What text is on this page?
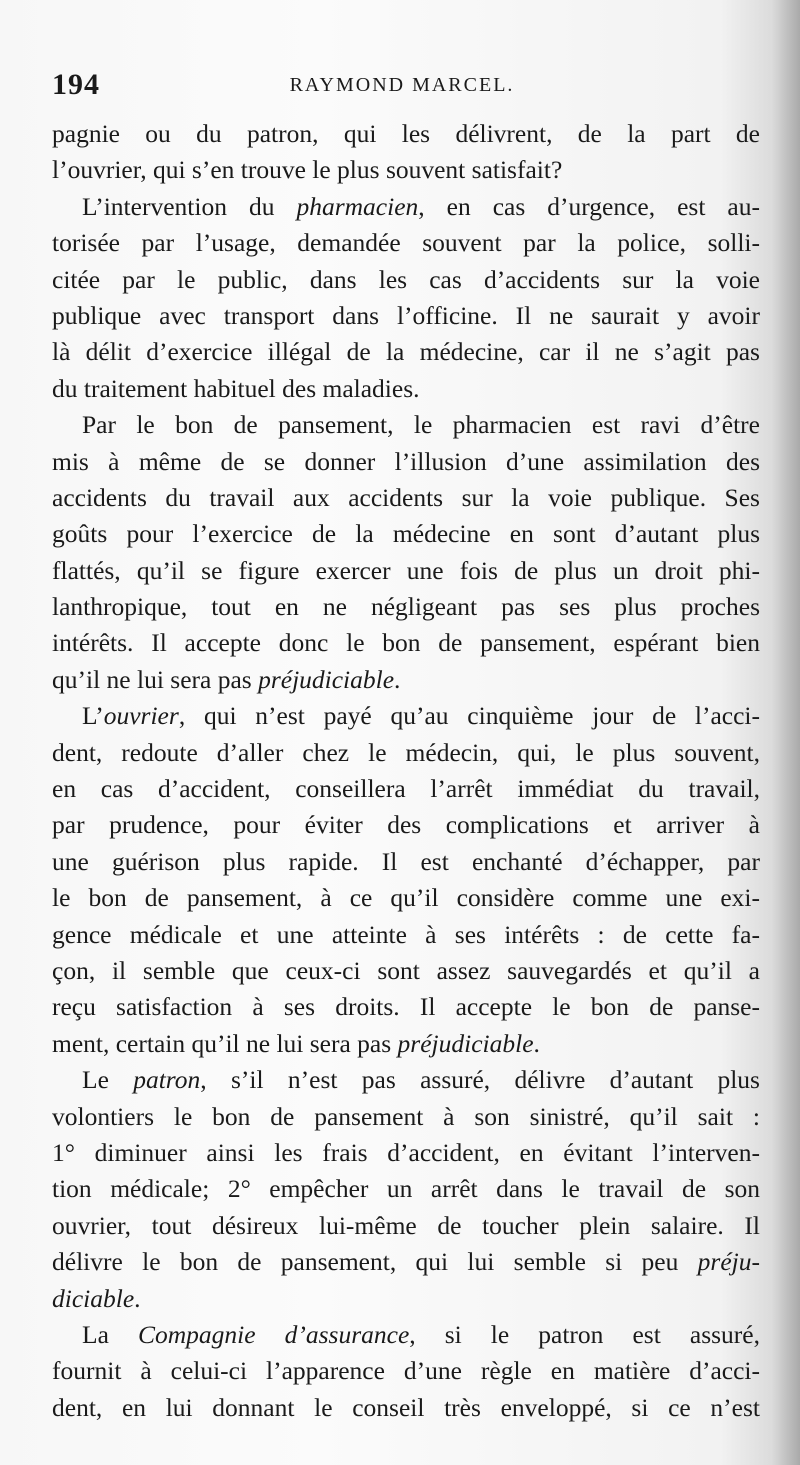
194	RAYMOND MARCEL.
pagnie ou du patron, qui les délivrent, de la part de
l’ouvrier, qui s’en trouve le plus souvent satisfait?
L’intervention du pharmacien, en cas d’urgence, est au-
torisée par l’usage, demandée souvent par la police, solli-
citée par le public, dans les cas d’accidents sur la voie
publique avec transport dans l’officine. Il ne saurait y avoir
là délit d’exercice illégal de la médecine, car il ne s’agit pas
du traitement habituel des maladies.
Par le bon de pansement, le pharmacien est ravi d’être
mis à même de se donner l’illusion d’une assimilation des
accidents du travail aux accidents sur la voie publique. Ses
goûts pour l’exercice de la médecine en sont d’autant plus
flattés, qu’il se figure exercer une fois de plus un droit phi-
lanthropique, tout en ne négligeant pas ses plus proches
intérêts. Il accepte donc le bon de pansement, espérant bien
qu’il ne lui sera pas préjudiciable.
L’ouvrier, qui n’est payé qu’au cinquième jour de l’acci-
dent, redoute d’aller chez le médecin, qui, le plus souvent,
en cas d’accident, conseillera l’arrêt immédiat du travail,
par prudence, pour éviter des complications et arriver à
une guérison plus rapide. Il est enchanté d’échapper, par
le bon de pansement, à ce qu’il considère comme une exi-
gence médicale et une atteinte à ses intérêts : de cette fa-
çon, il semble que ceux-ci sont assez sauvegardés et qu’il a
reçu satisfaction à ses droits. Il accepte le bon de panse-
ment, certain qu’il ne lui sera pas préjudiciable.
Le patron, s’il n’est pas assuré, délivre d’autant plus
volontiers le bon de pansement à son sinistré, qu’il sait :
1° diminuer ainsi les frais d’accident, en évitant l’interven-
tion médicale; 2° empêcher un arrêt dans le travail de son
ouvrier, tout désireux lui-même de toucher plein salaire. Il
délivre le bon de pansement, qui lui semble si peu préju-
diciable.
La Compagnie d’assurance, si le patron est assuré,
fournit à celui-ci l’apparence d’une règle en matière d’acci-
dent, en lui donnant le conseil très enveloppé, si ce n’est
